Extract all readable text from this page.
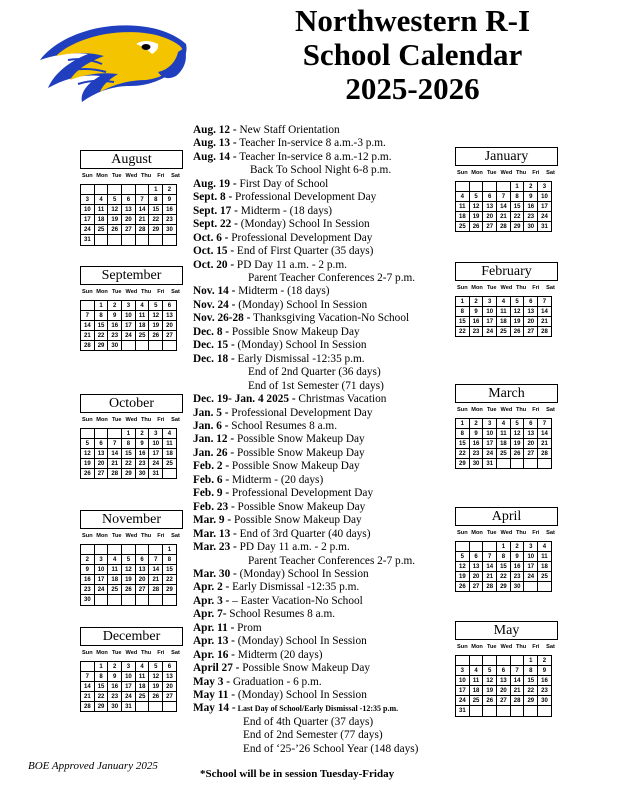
Northwestern R-I
School Calendar
2025-2026
August
Sun Mon Tue Wed Thu	Fri	Sat
					1	2
3	4	5	6	7	8	9
10	11	12	13	14	15	16
17	18	19	20	21	22	23
24	25	26	27	28	29	30
31						
September
Sun Mon Tue Wed Thu	Fri	Sat
	1	2	3	4	5	6
7	8	9	10	11	12	13
14	15	16	17	18	19	20
21	22	23	24	25	26	27
28	29	30				
October
Sun Mon Tue Wed Thu	Fri	Sat
			1	2	3	4
5	6	7	8	9	10	11
12	13	14	15	16	17	18
19	20	21	22	23	24	25
26	27	28	29	30	31	
November
Sun Mon Tue Wed Thu	Fri	Sat
						1
2	3	4	5	6	7	8
9	10	11	12	13	14	15
16	17	18	19	20	21	22
23	24	25	26	27	28	29
30						
December
Sun Mon Tue Wed Thu	Fri	Sat
	1	2	3	4	5	6
7	8	9	10	11	12	13
14	15	16	17	18	19	20
21	22	23	24	25	26	27
28	29	30	31			
January
Sun Mon Tue Wed Thu	Fri	Sat
				1	2	3
4	5	6	7	8	9	10
11	12	13	14	15	16	17
18	19	20	21	22	23	24
25	26	27	28	29	30	31
February
Sun Mon Tue Wed Thu	Fri	Sat
1	2	3	4	5	6	7
8	9	10	11	12	13	14
15	16	17	18	19	20	21
22	23	24	25	26	27	28
March
Sun Mon Tue Wed Thu	Fri	Sat
1	2	3	4	5	6	7
8	9	10	11	12	13	14
15	16	17	18	19	20	21
22	23	24	25	26	27	28
29	30	31				
April
Sun Mon Tue Wed Thu	Fri	Sat
			1	2	3	4
5	6	7	8	9	10	11
12	13	14	15	16	17	18
19	20	21	22	23	24	25
26	27	28	29	30		
May
Sun Mon Tue Wed Thu	Fri	Sat
					1	2
3	4	5	6	7	8	9
10	11	12	13	14	15	16
17	18	19	20	21	22	23
24	25	26	27	28	29	30
31						
Aug. 12 - New Staff Orientation
Aug. 13 - Teacher In-service 8 a.m.-3 p.m.
Aug. 14 - Teacher In-service 8 a.m.-12 p.m.
Back To School Night 6-8 p.m.
Aug. 19 - First Day of School
Sept. 8 - Professional Development Day
Sept. 17 - Midterm - (18 days)
Sept. 22 - (Monday) School In Session
Oct. 6 - Professional Development Day
Oct. 15 - End of First Quarter (35 days)
Oct. 20 - PD Day 11 a.m. - 2 p.m.
Parent Teacher Conferences 2-7 p.m.
Nov. 14 - Midterm - (18 days)
Nov. 24 - (Monday) School In Session
Nov. 26-28 - Thanksgiving Vacation-No School
Dec. 8 - Possible Snow Makeup Day
Dec. 15 - (Monday) School In Session
Dec. 18 - Early Dismissal -12:35 p.m.
End of 2nd Quarter (36 days)
End of 1st Semester (71 days)
Dec. 19- Jan. 4 2025 - Christmas Vacation
Jan. 5 - Professional Development Day
Jan. 6 - School Resumes 8 a.m.
Jan. 12 - Possible Snow Makeup Day
Jan. 26 - Possible Snow Makeup Day
Feb. 2 - Possible Snow Makeup Day
Feb. 6 - Midterm - (20 days)
Feb. 9 - Professional Development Day
Feb. 23 - Possible Snow Makeup Day
Mar. 9 - Possible Snow Makeup Day
Mar. 13 - End of 3rd Quarter (40 days)
Mar. 23 - PD Day 11 a.m. - 2 p.m.
Parent Teacher Conferences 2-7 p.m.
Mar. 30 - (Monday) School In Session
Apr. 2 - Early Dismissal -12:35 p.m.
Apr. 3 - – Easter Vacation-No School
Apr. 7- School Resumes 8 a.m.
Apr. 11 - Prom
Apr. 13 - (Monday) School In Session
Apr. 16 - Midterm (20 days)
April 27 - Possible Snow Makeup Day
May 3 - Graduation - 6 p.m.
May 11 - (Monday) School In Session
May 14 - Last Day of School/Early Dismissal -12:35 p.m.
End of 4th Quarter (37 days)
End of 2nd Semester (77 days)
End of ‘25-’26 School Year (148 days)
BOE Approved January 2025
*School will be in session Tuesday-Friday
